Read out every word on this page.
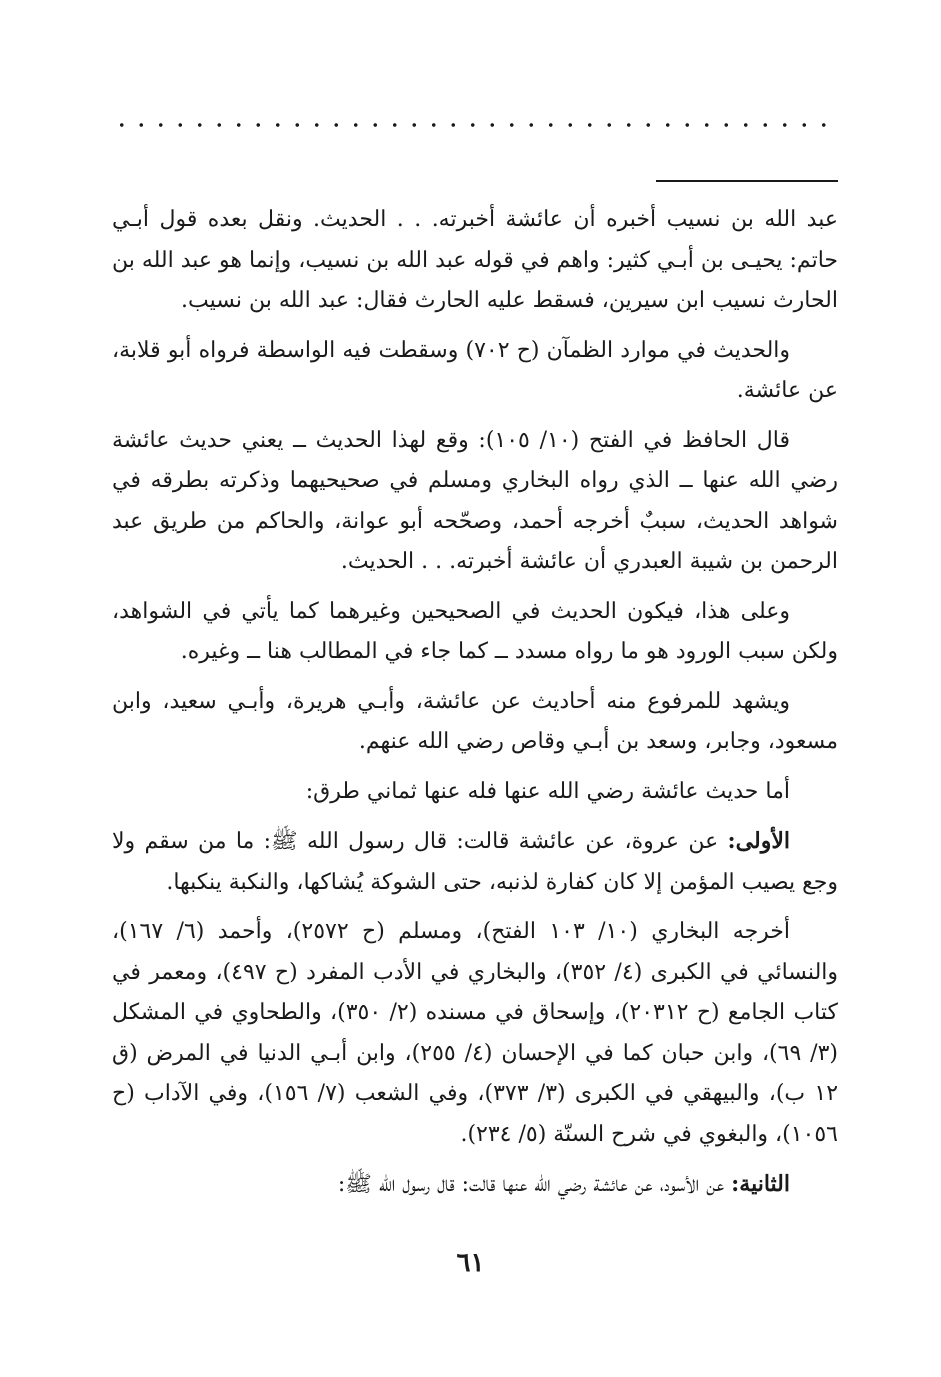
عبد الله بن نسيب أخبره أن عائشة أخبرته. . . الحديث. ونقل بعده قول أبـي حاتم: يحيـى بن أبـي كثير: واهم في قوله عبد الله بن نسيب، وإنما هو عبد الله بن الحارث نسيب ابن سيرين، فسقط عليه الحارث فقال: عبد الله بن نسيب.

والحديث في موارد الظمآن (ح ٧٠٢) وسقطت فيه الواسطة فرواه أبو قلابة، عن عائشة.

قال الحافظ في الفتح (١٠/ ١٠٥): وقع لهذا الحديث ــ يعني حديث عائشة رضي الله عنها ــ الذي رواه البخاري ومسلم في صحيحيهما وذكرته بطرقه في شواهد الحديث، سببٌ أخرجه أحمد، وصحّحه أبو عوانة، والحاكم من طريق عبد الرحمن بن شيبة العبدري أن عائشة أخبرته. . . الحديث.

وعلى هذا، فيكون الحديث في الصحيحين وغيرهما كما يأتي في الشواهد، ولكن سبب الورود هو ما رواه مسدد ــ كما جاء في المطالب هنا ــ وغيره.

ويشهد للمرفوع منه أحاديث عن عائشة، وأبـي هريرة، وأبـي سعيد، وابن مسعود، وجابر، وسعد بن أبـي وقاص رضي الله عنهم.

أما حديث عائشة رضي الله عنها فله عنها ثماني طرق:

الأولى: عن عروة، عن عائشة قالت: قال رسول الله ﷺ: ما من سقم ولا وجع يصيب المؤمن إلا كان كفارة لذنبه، حتى الشوكة يُشاكها، والنكبة ينكبها.

أخرجه البخاري (١٠/ ١٠٣ الفتح)، ومسلم (ح ٢٥٧٢)، وأحمد (٦/ ١٦٧)، والنسائي في الكبرى (٤/ ٣٥٢)، والبخاري في الأدب المفرد (ح ٤٩٧)، ومعمر في كتاب الجامع (ح ٢٠٣١٢)، وإسحاق في مسنده (٢/ ٣٥٠)، والطحاوي في المشكل (٣/ ٦٩)، وابن حبان كما في الإحسان (٤/ ٢٥٥)، وابن أبـي الدنيا في المرض (ق ١٢ ب)، والبيهقي في الكبرى (٣/ ٣٧٣)، وفي الشعب (٧/ ١٥٦)، وفي الآداب (ح ١٠٥٦)، والبغوي في شرح السنّة (٥/ ٢٣٤).

الثانية: عن الأسود، عن عائشة رضي الله عنها قالت: قال رسول الله ﷺ:

٦١
